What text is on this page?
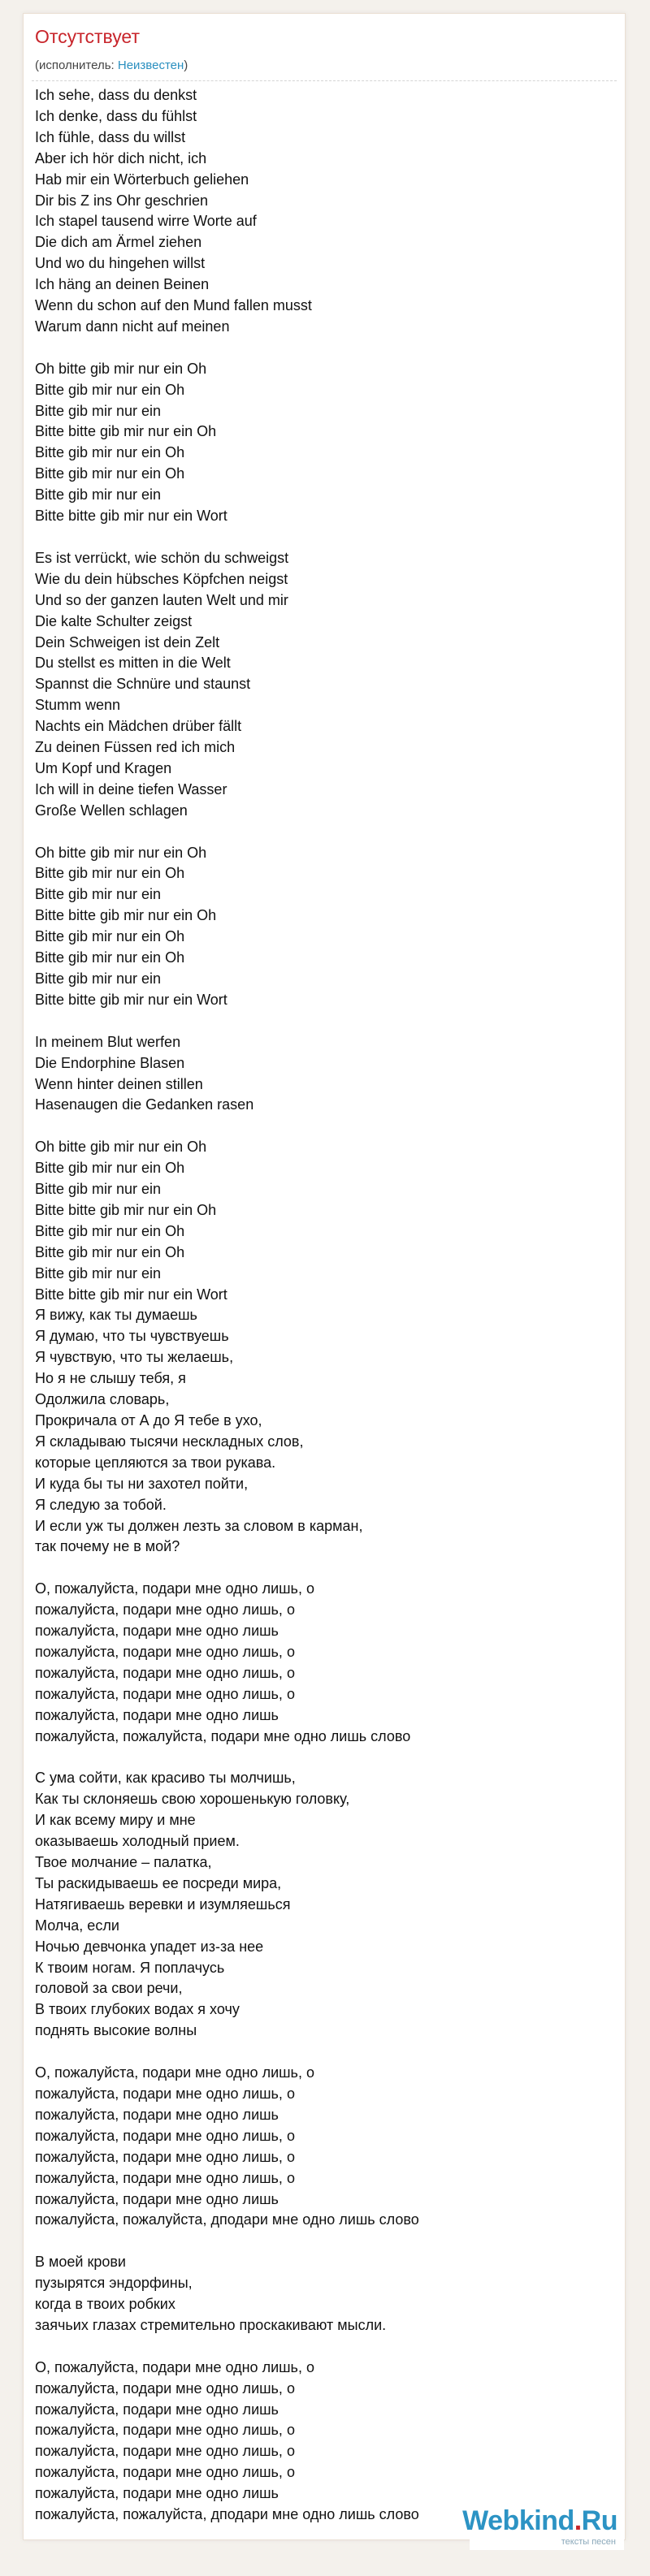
Отсутствует
(исполнитель: Неизвестен)
Ich sehe, dass du denkst
Ich denke, dass du fühlst
Ich fühle, dass du willst
Aber ich hör dich nicht, ich
Hab mir ein Wörterbuch geliehen
Dir bis Z ins Ohr geschrien
Ich stapel tausend wirre Worte auf
Die dich am Ärmel ziehen
Und wo du hingehen willst
Ich häng an deinen Beinen
Wenn du schon auf den Mund fallen musst
Warum dann nicht auf meinen
Oh bitte gib mir nur ein Oh
Bitte gib mir nur ein Oh
Bitte gib mir nur ein
Bitte bitte gib mir nur ein Oh
Bitte gib mir nur ein Oh
Bitte gib mir nur ein Oh
Bitte gib mir nur ein
Bitte bitte gib mir nur ein Wort
Es ist verrückt, wie schön du schweigst
Wie du dein hübsches Köpfchen neigst
Und so der ganzen lauten Welt und mir
Die kalte Schulter zeigst
Dein Schweigen ist dein Zelt
Du stellst es mitten in die Welt
Spannst die Schnüre und staunst
Stumm wenn
Nachts ein Mädchen drüber fällt
Zu deinen Füssen red ich mich
Um Kopf und Kragen
Ich will in deine tiefen Wasser
Große Wellen schlagen
Oh bitte gib mir nur ein Oh
Bitte gib mir nur ein Oh
Bitte gib mir nur ein
Bitte bitte gib mir nur ein Oh
Bitte gib mir nur ein Oh
Bitte gib mir nur ein Oh
Bitte gib mir nur ein
Bitte bitte gib mir nur ein Wort
In meinem Blut werfen
Die Endorphine Blasen
Wenn hinter deinen stillen
Hasenaugen die Gedanken rasen
Oh bitte gib mir nur ein Oh
Bitte gib mir nur ein Oh
Bitte gib mir nur ein
Bitte bitte gib mir nur ein Oh
Bitte gib mir nur ein Oh
Bitte gib mir nur ein Oh
Bitte gib mir nur ein
Bitte bitte gib mir nur ein Wort
Я вижу, как ты думаешь
Я думаю, что ты чувствуешь
Я чувствую, что ты желаешь,
Но я не слышу тебя, я
Одолжила словарь,
Прокричала от А до Я тебе в ухо,
Я складываю тысячи нескладных слов,
которые цепляются за твои рукава.
И куда бы ты ни захотел пойти,
Я следую за тобой.
И если уж ты должен лезть за словом в карман,
так почему не в мой?
О, пожалуйста, подари мне одно лишь, о
пожалуйста, подари мне одно лишь, о
пожалуйста, подари мне одно лишь
пожалуйста, подари мне одно лишь, о
пожалуйста, подари мне одно лишь, о
пожалуйста, подари мне одно лишь, о
пожалуйста, подари мне одно лишь
пожалуйста, пожалуйста, подари мне одно лишь слово
С ума сойти, как красиво ты молчишь,
Как ты склоняешь свою хорошенькую головку,
И как всему миру и мне
оказываешь холодный прием.
Твое молчание – палатка,
Ты раскидываешь ее посреди мира,
Натягиваешь веревки и изумляешься
Молча, если
Ночью девчонка упадет из-за нее
К твоим ногам. Я поплачусь
головой за свои речи,
В твоих глубоких водах я хочу
поднять высокие волны
О, пожалуйста, подари мне одно лишь, о
пожалуйста, подари мне одно лишь, о
пожалуйста, подари мне одно лишь
пожалуйста, подари мне одно лишь, о
пожалуйста, подари мне одно лишь, о
пожалуйста, подари мне одно лишь, о
пожалуйста, подари мне одно лишь
пожалуйста, пожалуйста, дподари мне одно лишь слово
В моей крови
пузырятся эндорфины,
когда в твоих робких
заячьих глазах стремительно проскакивают мысли.
О, пожалуйста, подари мне одно лишь, о
пожалуйста, подари мне одно лишь, о
пожалуйста, подари мне одно лишь
пожалуйста, подари мне одно лишь, о
пожалуйста, подари мне одно лишь, о
пожалуйста, подари мне одно лишь, о
пожалуйста, подари мне одно лишь
пожалуйста, пожалуйста, дподари мне одно лишь слово	Webkind.Ru
тексты песен
